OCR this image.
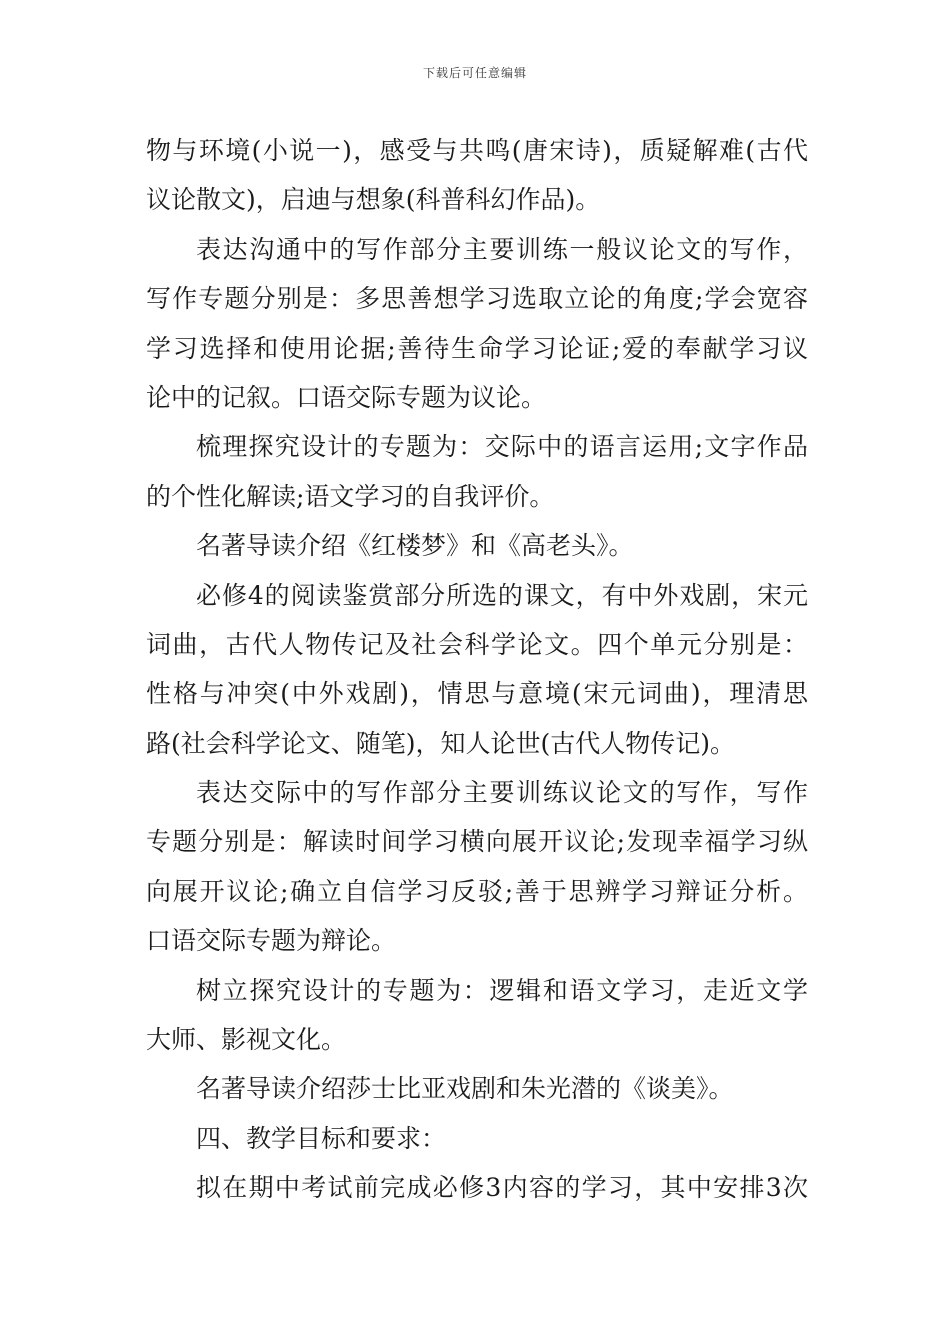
下载后可任意编辑
物与环境(小说一)，感受与共鸣(唐宋诗)，质疑解难(古代
议论散文)，启迪与想象(科普科幻作品)。
表达沟通中的写作部分主要训练一般议论文的写作，
写作专题分别是：多思善想学习选取立论的角度;学会宽容
学习选择和使用论据;善待生命学习论证;爱的奉献学习议
论中的记叙。口语交际专题为议论。
梳理探究设计的专题为：交际中的语言运用;文字作品
的个性化解读;语文学习的自我评价。
名著导读介绍《红楼梦》和《高老头》。
必修4的阅读鉴赏部分所选的课文，有中外戏剧，宋元
词曲，古代人物传记及社会科学论文。四个单元分别是：
性格与冲突(中外戏剧)，情思与意境(宋元词曲)，理清思
路(社会科学论文、随笔)，知人论世(古代人物传记)。
表达交际中的写作部分主要训练议论文的写作，写作
专题分别是：解读时间学习横向展开议论;发现幸福学习纵
向展开议论;确立自信学习反驳;善于思辨学习辩证分析。
口语交际专题为辩论。
树立探究设计的专题为：逻辑和语文学习，走近文学
大师、影视文化。
名著导读介绍莎士比亚戏剧和朱光潜的《谈美》。
四、教学目标和要求：
拟在期中考试前完成必修3内容的学习，其中安排3次
